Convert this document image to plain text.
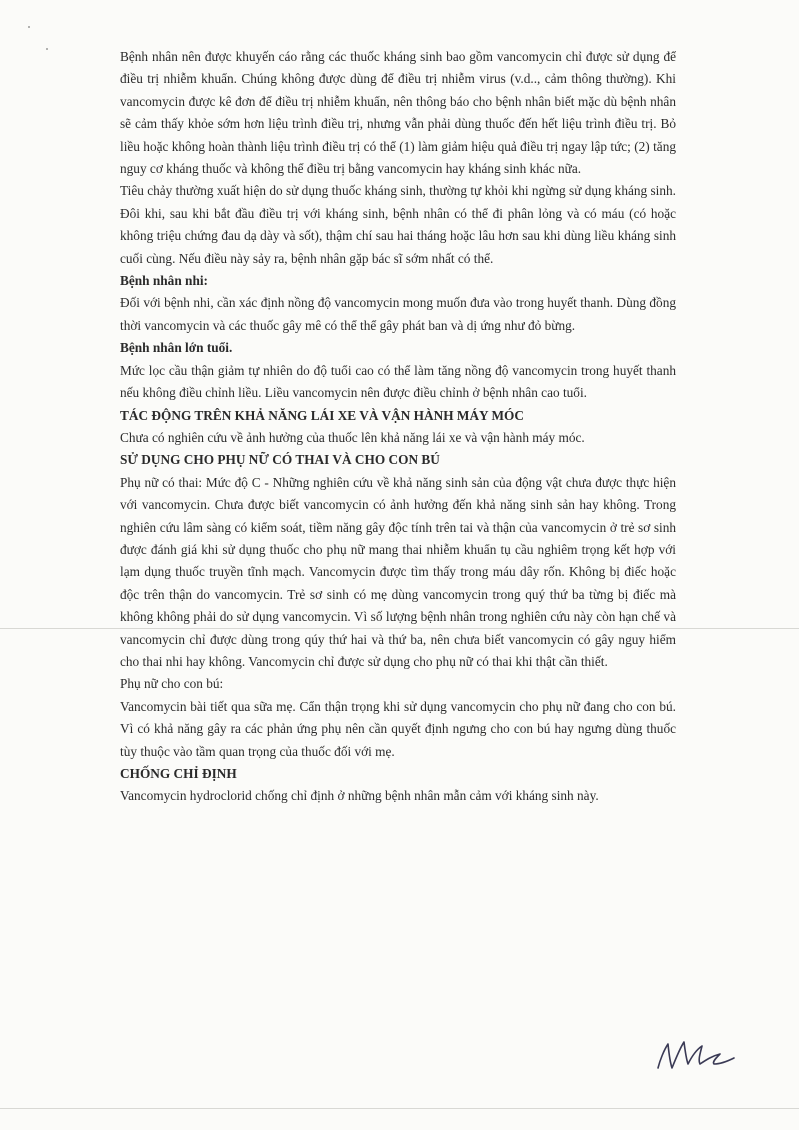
Bệnh nhân nên được khuyến cáo rằng các thuốc kháng sinh bao gồm vancomycin chỉ được sử dụng để điều trị nhiễm khuẩn. Chúng không được dùng để điều trị nhiễm virus (v.d.., cảm thông thường). Khi vancomycin được kê đơn để điều trị nhiễm khuẩn, nên thông báo cho bệnh nhân biết mặc dù bệnh nhân sẽ cảm thấy khỏe sớm hơn liệu trình điều trị, nhưng vẫn phải dùng thuốc đến hết liệu trình điều trị. Bỏ liều hoặc không hoàn thành liệu trình điều trị có thể (1) làm giảm hiệu quả điều trị ngay lập tức; (2) tăng nguy cơ kháng thuốc và không thể điều trị bằng vancomycin hay kháng sinh khác nữa.

Tiêu chảy thường xuất hiện do sử dụng thuốc kháng sinh, thường tự khỏi khi ngừng sử dụng kháng sinh. Đôi khi, sau khi bắt đầu điều trị với kháng sinh, bệnh nhân có thể đi phân lỏng và có máu (có hoặc không triệu chứng đau dạ dày và sốt), thậm chí sau hai tháng hoặc lâu hơn sau khi dùng liều kháng sinh cuối cùng. Nếu điều này sảy ra, bệnh nhân gặp bác sĩ sớm nhất có thể.

Bệnh nhân nhi:

Đối với bệnh nhi, cần xác định nồng độ vancomycin mong muốn đưa vào trong huyết thanh. Dùng đồng thời vancomycin và các thuốc gây mê có thể thể gây phát ban và dị ứng như đỏ bừng.

Bệnh nhân lớn tuổi.

Mức lọc cầu thận giảm tự nhiên do độ tuổi cao có thể làm tăng nồng độ vancomycin trong huyết thanh nếu không điều chỉnh liều. Liều vancomycin nên được điều chỉnh ở bệnh nhân cao tuổi.

TÁC ĐỘNG TRÊN KHẢ NĂNG LÁI XE VÀ VẬN HÀNH MÁY MÓC

Chưa có nghiên cứu về ảnh hưởng của thuốc lên khả năng lái xe và vận hành máy móc.

SỬ DỤNG CHO PHỤ NỮ CÓ THAI VÀ CHO CON BÚ

Phụ nữ có thai: Mức độ C - Những nghiên cứu về khả năng sinh sản của động vật chưa được thực hiện với vancomycin. Chưa được biết vancomycin có ảnh hưởng đến khả năng sinh sản hay không. Trong nghiên cứu lâm sàng có kiểm soát, tiềm năng gây độc tính trên tai và thận của vancomycin ở trẻ sơ sinh được đánh giá khi sử dụng thuốc cho phụ nữ mang thai nhiễm khuẩn tụ cầu nghiêm trọng kết hợp với lạm dụng thuốc truyền tĩnh mạch. Vancomycin được tìm thấy trong máu dây rốn. Không bị điếc hoặc độc trên thận do vancomycin. Trẻ sơ sinh có mẹ dùng vancomycin trong quý thứ ba từng bị điếc mà không không phải do sử dụng vancomycin. Vì số lượng bệnh nhân trong nghiên cứu này còn hạn chế và vancomycin chỉ được dùng trong qúy thứ hai và thứ ba, nên chưa biết vancomycin có gây nguy hiểm cho thai nhi hay không. Vancomycin chỉ được sử dụng cho phụ nữ có thai khi thật cần thiết.

Phụ nữ cho con bú:

Vancomycin bài tiết qua sữa mẹ. Cẩn thận trọng khi sử dụng vancomycin cho phụ nữ đang cho con bú. Vì có khả năng gây ra các phản ứng phụ nên cần quyết định ngưng cho con bú hay ngưng dùng thuốc tùy thuộc vào tầm quan trọng của thuốc đối với mẹ.

CHỐNG CHỈ ĐỊNH

Vancomycin hydroclorid chống chỉ định ở những bệnh nhân mẫn cảm với kháng sinh này.
